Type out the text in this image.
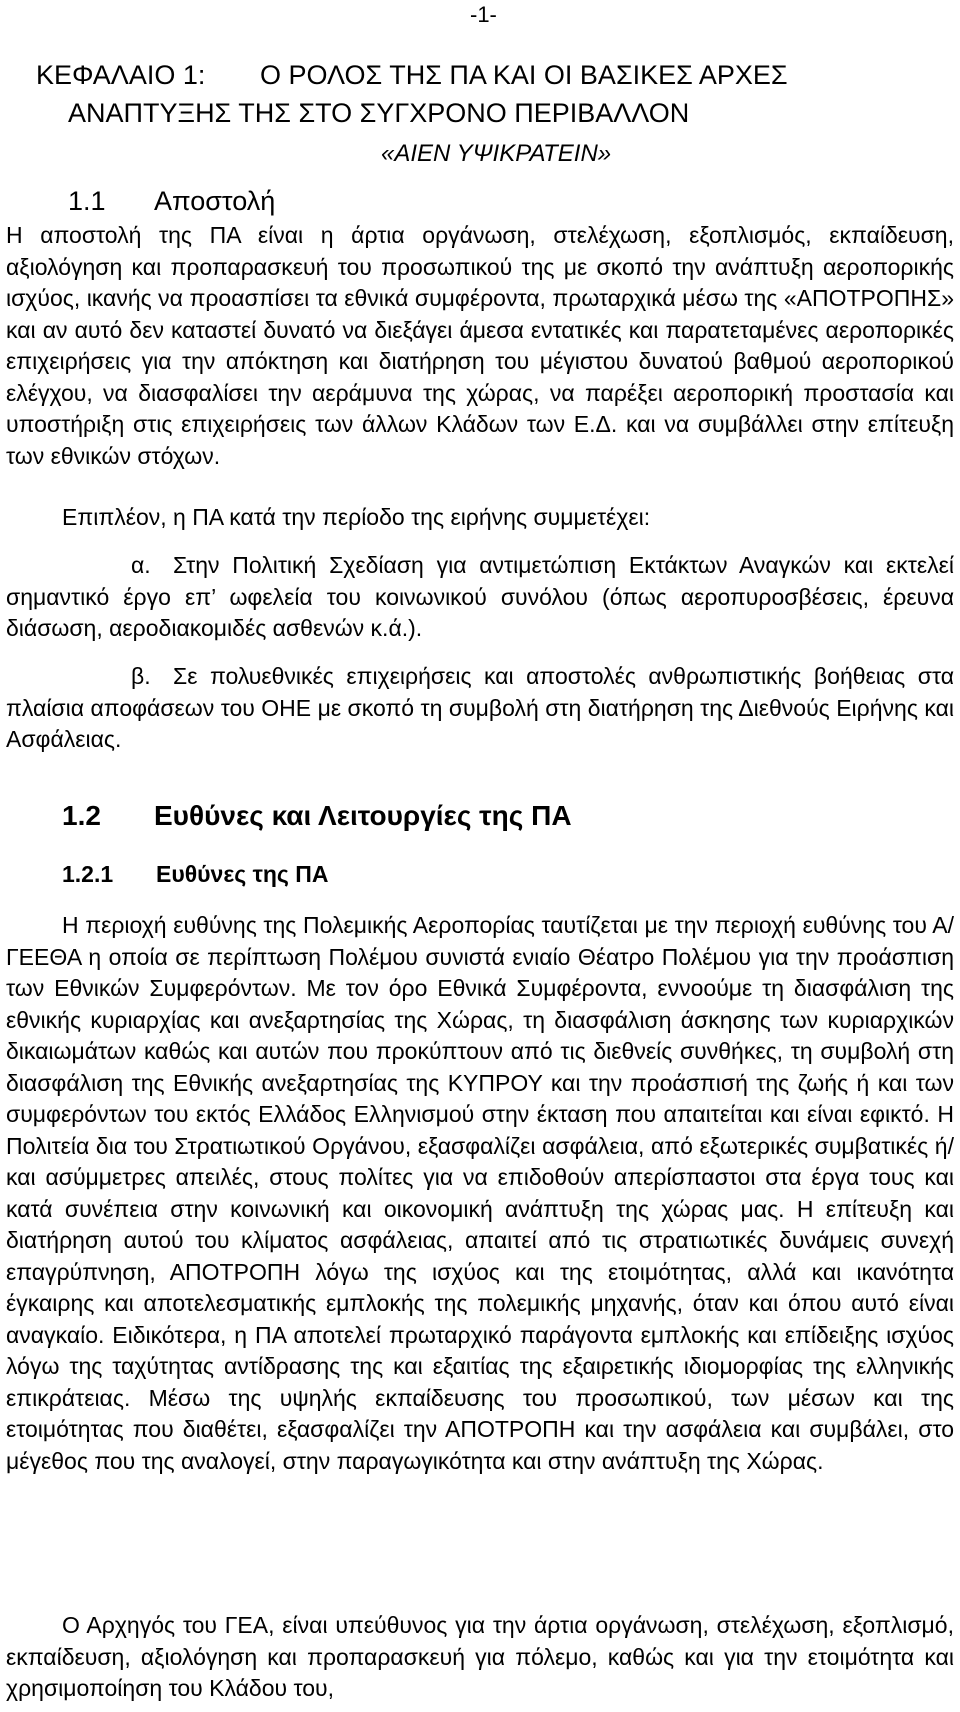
-1-
ΚΕΦΑΛΑΙΟ 1: Ο ΡΟΛΟΣ ΤΗΣ ΠΑ ΚΑΙ ΟΙ ΒΑΣΙΚΕΣ ΑΡΧΕΣ
ΑΝΑΠΤΥΞΗΣ ΤΗΣ ΣΤΟ ΣΥΓΧΡΟΝΟ ΠΕΡΙΒΑΛΛΟΝ
«ΑΙΕΝ ΥΨΙΚΡΑΤΕΙΝ»
1.1 Αποστολή

Η αποστολή της ΠΑ είναι η άρτια οργάνωση, στελέχωση, εξοπλισμός, εκπαίδευση, αξιολόγηση και προπαρασκευή του προσωπικού της με σκοπό την ανάπτυξη αεροπορικής ισχύος, ικανής να προασπίσει τα εθνικά συμφέροντα, πρωταρχικά μέσω της «ΑΠΟΤΡΟΠΗΣ» και αν αυτό δεν καταστεί δυνατό να διεξάγει άμεσα εντατικές και παρατεταμένες αεροπορικές επιχειρήσεις για την απόκτηση και διατήρηση του μέγιστου δυνατού βαθμού αεροπορικού ελέγχου, να διασφαλίσει την αεράμυνα της χώρας, να παρέξει αεροπορική προστασία και υποστήριξη στις επιχειρήσεις των άλλων Κλάδων των Ε.Δ. και να συμβάλλει στην επίτευξη των εθνικών στόχων.

Επιπλέον, η ΠΑ κατά την περίοδο της ειρήνης συμμετέχει:

α. Στην Πολιτική Σχεδίαση για αντιμετώπιση Εκτάκτων Αναγκών και εκτελεί σημαντικό έργο επ’ ωφελεία του κοινωνικού συνόλου (όπως αεροπυροσβέσεις, έρευνα διάσωση, αεροδιακομιδές ασθενών κ.ά.).

β. Σε πολυεθνικές επιχειρήσεις και αποστολές ανθρωπιστικής βοήθειας στα πλαίσια αποφάσεων του ΟΗΕ με σκοπό τη συμβολή στη διατήρηση της Διεθνούς Ειρήνης και Ασφάλειας.

1.2 Ευθύνες και Λειτουργίες της ΠΑ
1.2.1 Ευθύνες της ΠΑ

Η περιοχή ευθύνης της Πολεμικής Αεροπορίας ταυτίζεται με την περιοχή ευθύνης του Α/ΓΕΕΘΑ η οποία σε περίπτωση Πολέμου συνιστά ενιαίο Θέατρο Πολέμου για την προάσπιση των Εθνικών Συμφερόντων. Με τον όρο Εθνικά Συμφέροντα, εννοούμε τη διασφάλιση της εθνικής κυριαρχίας και ανεξαρτησίας της Χώρας, τη διασφάλιση άσκησης των κυριαρχικών δικαιωμάτων καθώς και αυτών που προκύπτουν από τις διεθνείς συνθήκες, τη συμβολή στη διασφάλιση της Εθνικής ανεξαρτησίας της ΚΥΠΡΟΥ και την προάσπισή της ζωής ή και των συμφερόντων του εκτός Ελλάδος Ελληνισμού στην έκταση που απαιτείται και είναι εφικτό. Η Πολιτεία δια του Στρατιωτικού Οργάνου, εξασφαλίζει ασφάλεια, από εξωτερικές συμβατικές ή/και ασύμμετρες απειλές, στους πολίτες για να επιδοθούν απερίσπαστοι στα έργα τους και κατά συνέπεια στην κοινωνική και οικονομική ανάπτυξη της χώρας μας. Η επίτευξη και διατήρηση αυτού του κλίματος ασφάλειας, απαιτεί από τις στρατιωτικές δυνάμεις συνεχή επαγρύπνηση, ΑΠΟΤΡΟΠΗ λόγω της ισχύος και της ετοιμότητας, αλλά και ικανότητα έγκαιρης και αποτελεσματικής εμπλοκής της πολεμικής μηχανής, όταν και όπου αυτό είναι αναγκαίο. Ειδικότερα, η ΠΑ αποτελεί πρωταρχικό παράγοντα εμπλοκής και επίδειξης ισχύος λόγω της ταχύτητας αντίδρασης της και εξαιτίας της εξαιρετικής ιδιομορφίας της ελληνικής επικράτειας. Μέσω της υψηλής εκπαίδευσης του προσωπικού, των μέσων και της ετοιμότητας που διαθέτει, εξασφαλίζει την ΑΠΟΤΡΟΠΗ και την ασφάλεια και συμβάλει, στο μέγεθος που της αναλογεί, στην παραγωγικότητα και στην ανάπτυξη της Χώρας.

Ο Αρχηγός του ΓΕΑ, είναι υπεύθυνος για την άρτια οργάνωση, στελέχωση, εξοπλισμό, εκπαίδευση, αξιολόγηση και προπαρασκευή για πόλεμο, καθώς και για την ετοιμότητα και χρησιμοποίηση του Κλάδου του,
